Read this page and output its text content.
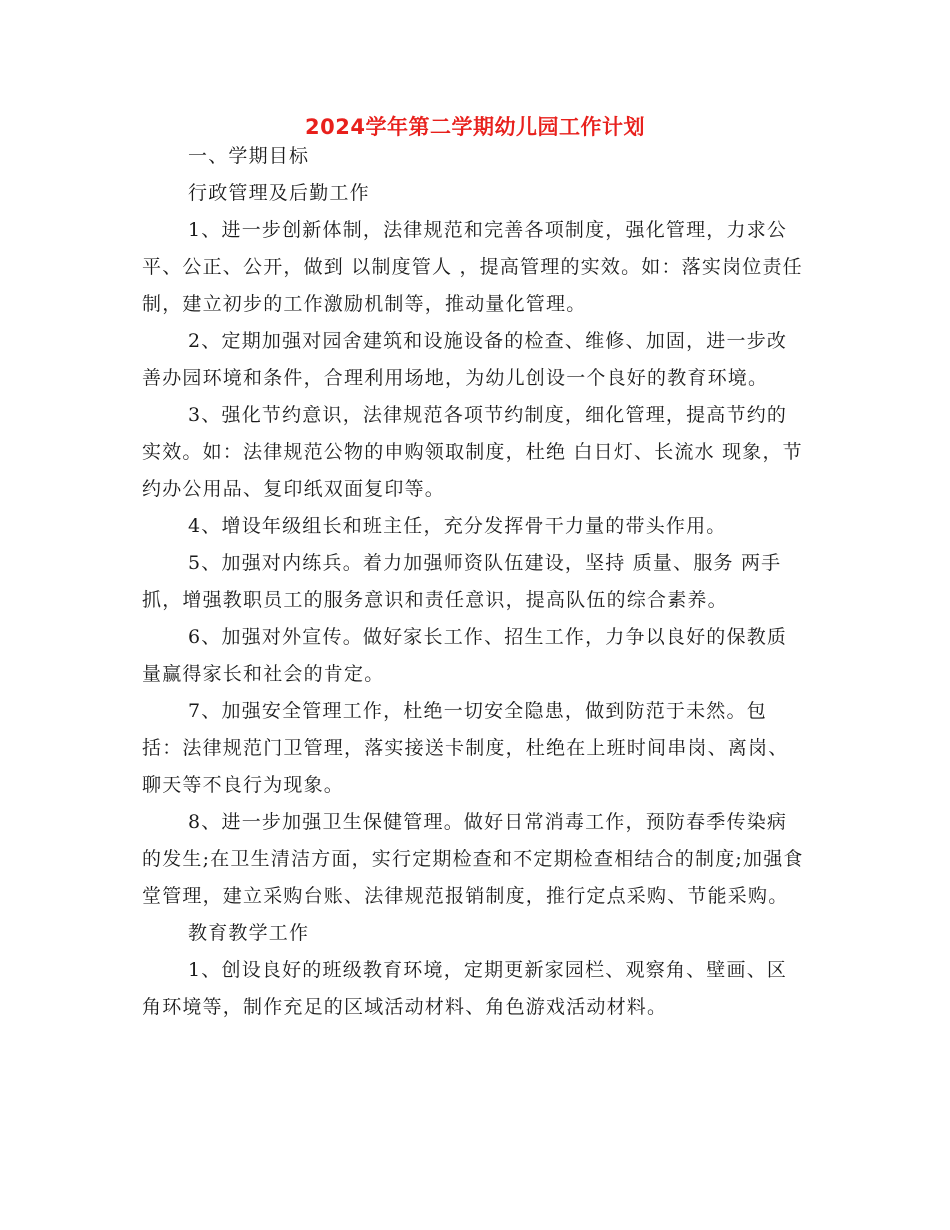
2024学年第二学期幼儿园工作计划

一、学期目标

行政管理及后勤工作

1、进一步创新体制，法律规范和完善各项制度，强化管理，力求公平、公正、公开，做到 以制度管人 ，提高管理的实效。如：落实岗位责任制，建立初步的工作激励机制等，推动量化管理。

2、定期加强对园舍建筑和设施设备的检查、维修、加固，进一步改善办园环境和条件，合理利用场地，为幼儿创设一个良好的教育环境。

3、强化节约意识，法律规范各项节约制度，细化管理，提高节约的实效。如：法律规范公物的申购领取制度，杜绝 白日灯、长流水 现象，节约办公用品、复印纸双面复印等。

4、增设年级组长和班主任，充分发挥骨干力量的带头作用。

5、加强对内练兵。着力加强师资队伍建设，坚持 质量、服务 两手抓，增强教职员工的服务意识和责任意识，提高队伍的综合素养。

6、加强对外宣传。做好家长工作、招生工作，力争以良好的保教质量赢得家长和社会的肯定。

7、加强安全管理工作，杜绝一切安全隐患，做到防范于未然。包括：法律规范门卫管理，落实接送卡制度，杜绝在上班时间串岗、离岗、聊天等不良行为现象。

8、进一步加强卫生保健管理。做好日常消毒工作，预防春季传染病的发生;在卫生清洁方面，实行定期检查和不定期检查相结合的制度;加强食堂管理，建立采购台账、法律规范报销制度，推行定点采购、节能采购。

教育教学工作

1、创设良好的班级教育环境，定期更新家园栏、观察角、壁画、区角环境等，制作充足的区域活动材料、角色游戏活动材料。
